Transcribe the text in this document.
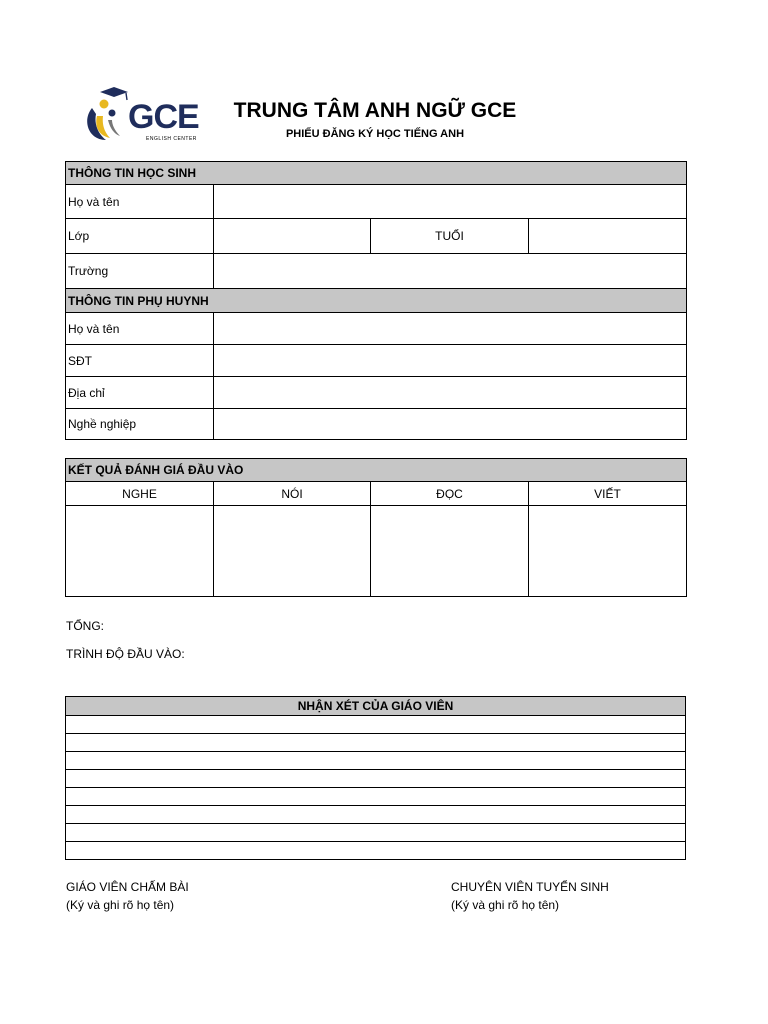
GCE
ENGLISH CENTER
TRUNG TÂM ANH NGỮ GCE
PHIẾU ĐĂNG KÝ HỌC TIẾNG ANH
THÔNG TIN HỌC SINH			
Họ và tên			
Lớp		TUỔI	
Trường			
THÔNG TIN PHỤ HUYNH			
Họ và tên			
SĐT			
Địa chỉ			
Nghề nghiệp			
KẾT QUẢ ĐÁNH GIÁ ĐẦU VÀO			
NGHE	NÓI	ĐỌC	VIẾT

TỔNG:
TRÌNH ĐỘ ĐẦU VÀO:
NHẬN XÉT CỦA GIÁO VIÊN

GIÁO VIÊN CHẤM BÀI
(Ký và ghi rõ họ tên)
CHUYÊN VIÊN TUYỂN SINH
(Ký và ghi rõ họ tên)
